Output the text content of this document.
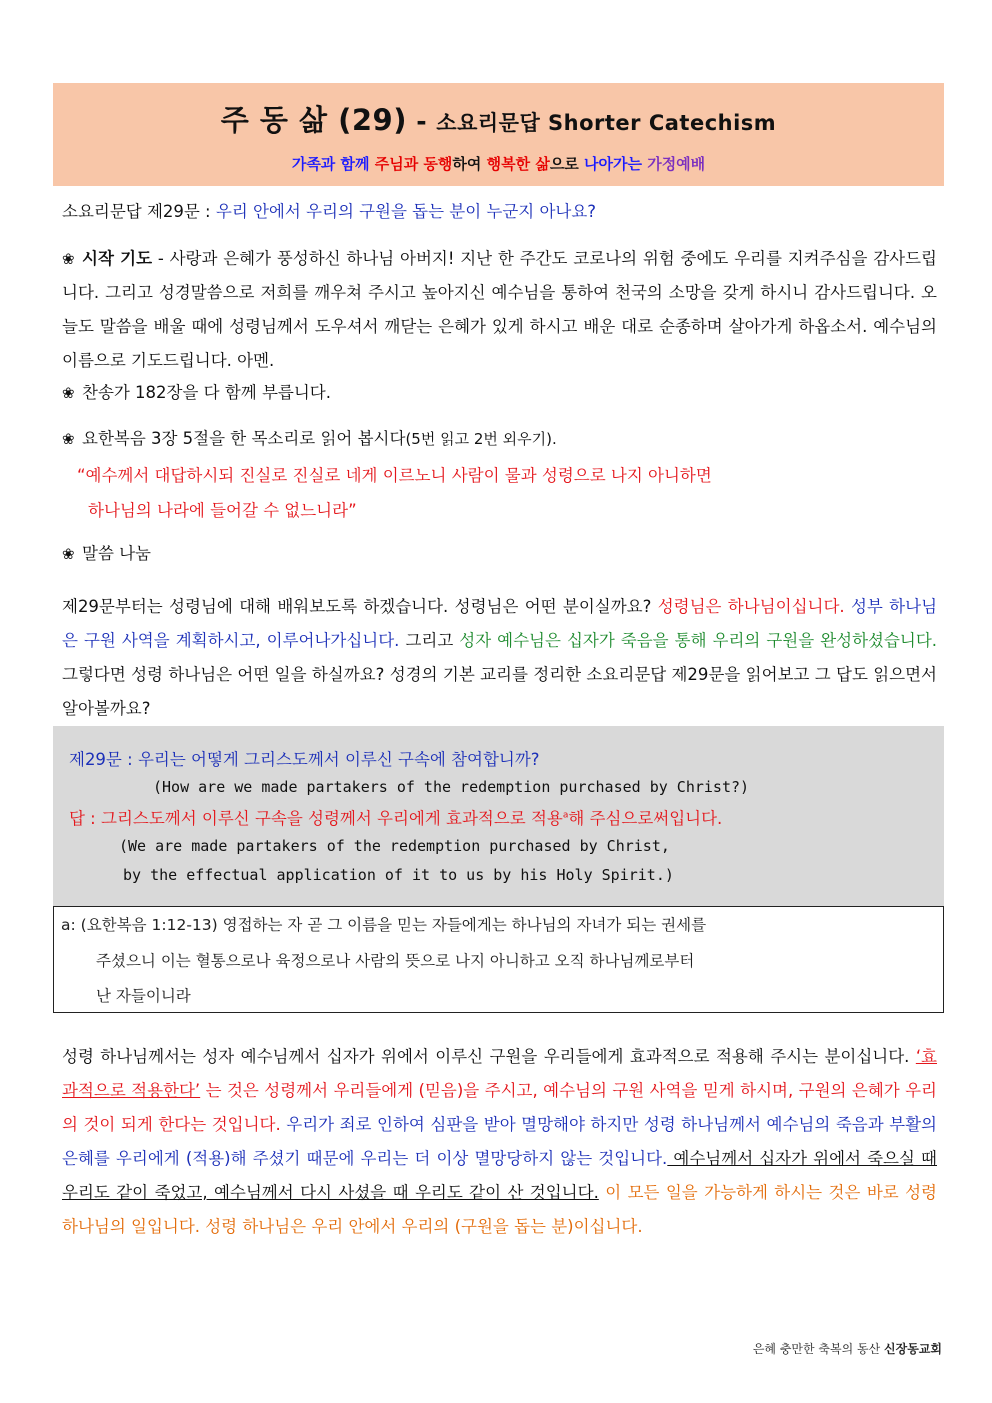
주 동 삶 (29) - 소요리문답 Shorter Catechism
가족과 함께 주님과 동행하여 행복한 삶으로 나아가는 가정예배
소요리문답 제29문 : 우리 안에서 우리의 구원을 돕는 분이 누군지 아나요?
❀ 시작 기도 - 사랑과 은혜가 풍성하신 하나님 아버지! 지난 한 주간도 코로나의 위험 중에도 우리를 지켜주심을 감사드립니다. 그리고 성경말씀으로 저희를 깨우쳐 주시고 높아지신 예수님을 통하여 천국의 소망을 갖게 하시니 감사드립니다. 오늘도 말씀을 배울 때에 성령님께서 도우셔서 깨닫는 은혜가 있게 하시고 배운 대로 순종하며 살아가게 하옵소서. 예수님의 이름으로 기도드립니다. 아멘.
❀ 찬송가 182장을 다 함께 부릅니다.
❀ 요한복음 3장 5절을 한 목소리로 읽어 봅시다(5번 읽고 2번 외우기).
“예수께서 대답하시되 진실로 진실로 네게 이르노니 사람이 물과 성령으로 나지 아니하면
하나님의 나라에 들어갈 수 없느니라”
❀ 말씀 나눔
제29문부터는 성령님에 대해 배워보도록 하겠습니다. 성령님은 어떤 분이실까요? 성령님은 하나님이십니다. 성부 하나님은 구원 사역을 계획하시고, 이루어나가십니다. 그리고 성자 예수님은 십자가 죽음을 통해 우리의 구원을 완성하셨습니다. 그렇다면 성령 하나님은 어떤 일을 하실까요? 성경의 기본 교리를 정리한 소요리문답 제29문을 읽어보고 그 답도 읽으면서 알아볼까요?
제29문 : 우리는 어떻게 그리스도께서 이루신 구속에 참여합니까?
(How are we made partakers of the redemption purchased by Christ?)
답 : 그리스도께서 이루신 구속을 성령께서 우리에게 효과적으로 적용$^a$해 주심으로써입니다.
(We are made partakers of the redemption purchased by Christ,
by the effectual application of it to us by his Holy Spirit.)
a: (요한복음 1:12-13) 영접하는 자 곧 그 이름을 믿는 자들에게는 하나님의 자녀가 되는 권세를
주셨으니 이는 혈통으로나 육정으로나 사람의 뜻으로 나지 아니하고 오직 하나님께로부터
난 자들이니라
성령 하나님께서는 성자 예수님께서 십자가 위에서 이루신 구원을 우리들에게 효과적으로 적용해 주시는 분이십니다. ‘효과적으로 적용한다’ 는 것은 성령께서 우리들에게 (믿음)을 주시고, 예수님의 구원 사역을 믿게 하시며, 구원의 은혜가 우리의 것이 되게 한다는 것입니다. 우리가 죄로 인하여 심판을 받아 멸망해야 하지만 성령 하나님께서 예수님의 죽음과 부활의 은혜를 우리에게 (적용)해 주셨기 때문에 우리는 더 이상 멸망당하지 않는 것입니다. 예수님께서 십자가 위에서 죽으실 때 우리도 같이 죽었고, 예수님께서 다시 사셨을 때 우리도 같이 산 것입니다. 이 모든 일을 가능하게 하시는 것은 바로 성령 하나님의 일입니다. 성령 하나님은 우리 안에서 우리의 (구원을 돕는 분)이십니다.
은혜 충만한 축복의 동산 신장동교회
